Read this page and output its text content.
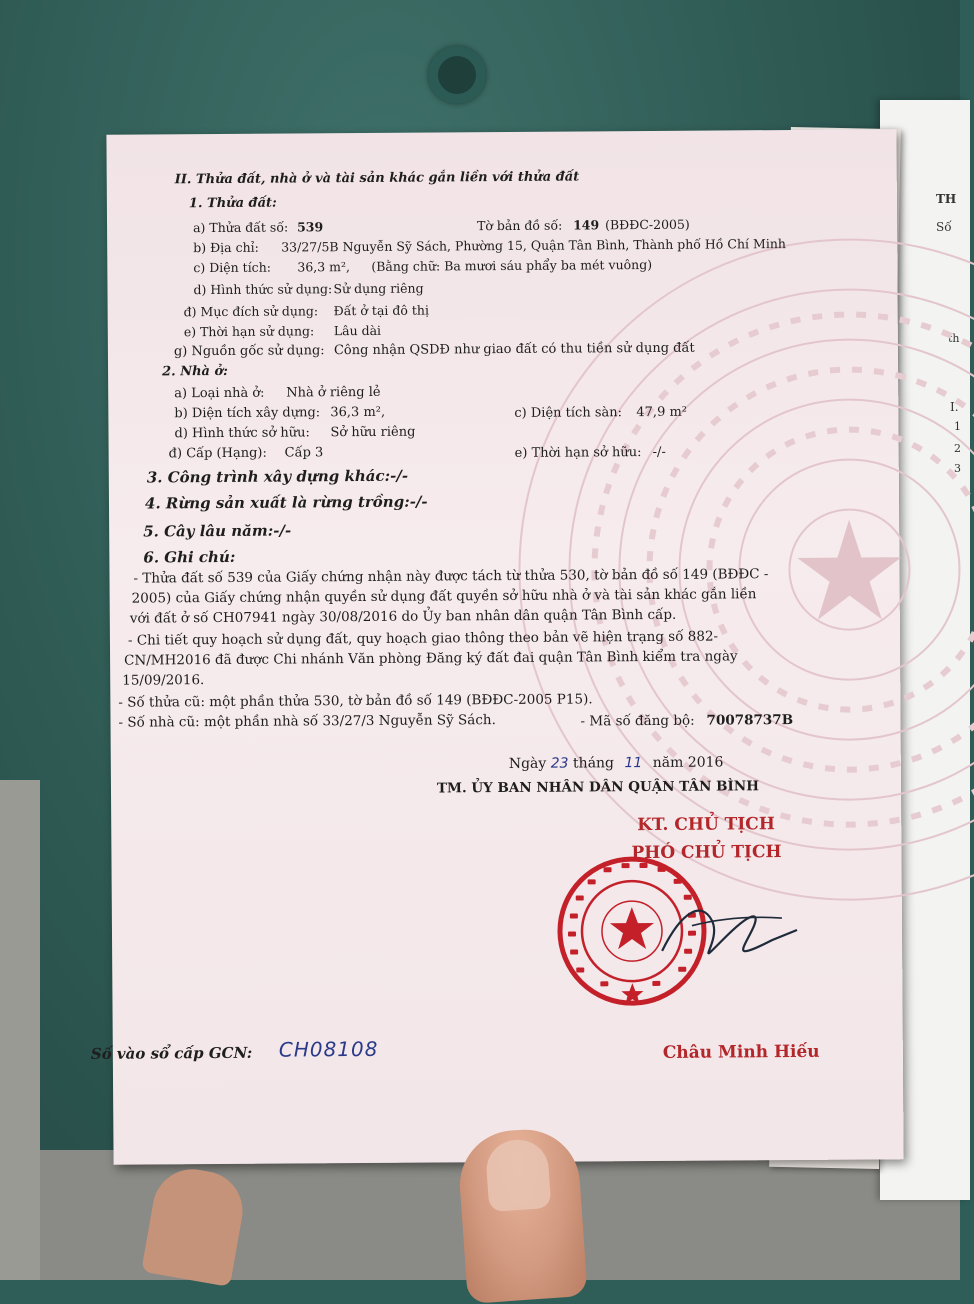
TH
Số
th
I.
1
2
3
II. Thửa đất, nhà ở và tài sản khác gắn liền với thửa đất
1. Thửa đất:
a) Thửa đất số: 539	Tờ bản đồ số: 149 (BĐĐC-2005)
b) Địa chỉ: 33/27/5B Nguyễn Sỹ Sách, Phường 15, Quận Tân Bình, Thành phố Hồ Chí Minh
c) Diện tích: 36,3 m², (Bằng chữ: Ba mươi sáu phẩy ba mét vuông)
d) Hình thức sử dụng: Sử dụng riêng
đ) Mục đích sử dụng: Đất ở tại đô thị
e) Thời hạn sử dụng: Lâu dài
g) Nguồn gốc sử dụng: Công nhận QSDĐ như giao đất có thu tiền sử dụng đất
2. Nhà ở:
a) Loại nhà ở: Nhà ở riêng lẻ
b) Diện tích xây dựng: 36,3 m²,	c) Diện tích sàn: 47,9 m²
d) Hình thức sở hữu: Sở hữu riêng
đ) Cấp (Hạng): Cấp 3	e) Thời hạn sở hữu: -/-
3. Công trình xây dựng khác:-/-
4. Rừng sản xuất là rừng trồng:-/-
5. Cây lâu năm:-/-
6. Ghi chú:
- Thửa đất số 539 của Giấy chứng nhận này được tách từ thửa 530, tờ bản đồ số 149 (BĐĐC -
2005) của Giấy chứng nhận quyền sử dụng đất quyền sở hữu nhà ở và tài sản khác gắn liền
với đất ở số CH07941 ngày 30/08/2016 do Ủy ban nhân dân quận Tân Bình cấp.
- Chi tiết quy hoạch sử dụng đất, quy hoạch giao thông theo bản vẽ hiện trạng số 882-
CN/MH2016 đã được Chi nhánh Văn phòng Đăng ký đất đai quận Tân Bình kiểm tra ngày
15/09/2016.
- Số thửa cũ: một phần thửa 530, tờ bản đồ số 149 (BĐĐC-2005 P15).
- Số nhà cũ: một phần nhà số 33/27/3 Nguyễn Sỹ Sách.	- Mã số đăng bộ: 70078737B
Ngày 23 tháng 11 năm 2016
TM. ỦY BAN NHÂN DÂN QUẬN TÂN BÌNH
KT. CHỦ TỊCH
PHÓ CHỦ TỊCH
Số vào sổ cấp GCN: CH08108	Châu Minh Hiếu
